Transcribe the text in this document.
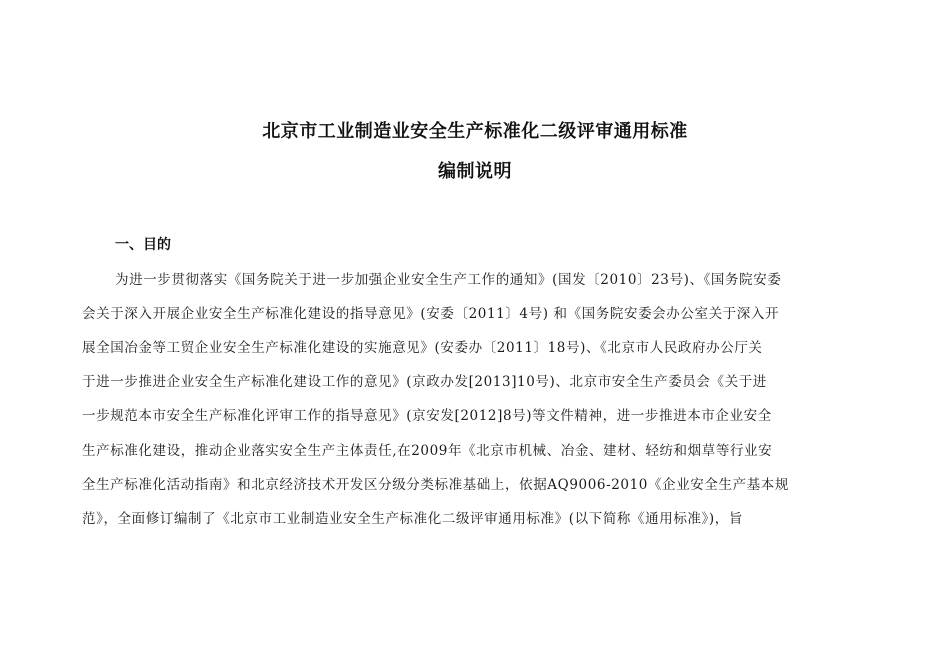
北京市工业制造业安全生产标准化二级评审通用标准
编制说明
一、目的
为进一步贯彻落实《国务院关于进一步加强企业安全生产工作的通知》(国发〔2010〕23号)、《国务院安委
会关于深入开展企业安全生产标准化建设的指导意见》(安委〔2011〕4号) 和《国务院安委会办公室关于深入开
展全国冶金等工贸企业安全生产标准化建设的实施意见》(安委办〔2011〕18号)、《北京市人民政府办公厅关
于进一步推进企业安全生产标准化建设工作的意见》(京政办发[2013]10号)、北京市安全生产委员会《关于进
一步规范本市安全生产标准化评审工作的指导意见》(京安发[2012]8号)等文件精神，进一步推进本市企业安全
生产标准化建设，推动企业落实安全生产主体责任,在2009年《北京市机械、冶金、建材、轻纺和烟草等行业安
全生产标准化活动指南》和北京经济技术开发区分级分类标准基础上，依据AQ9006-2010《企业安全生产基本规
范》，全面修订编制了《北京市工业制造业安全生产标准化二级评审通用标准》(以下简称《通用标准》)，旨
